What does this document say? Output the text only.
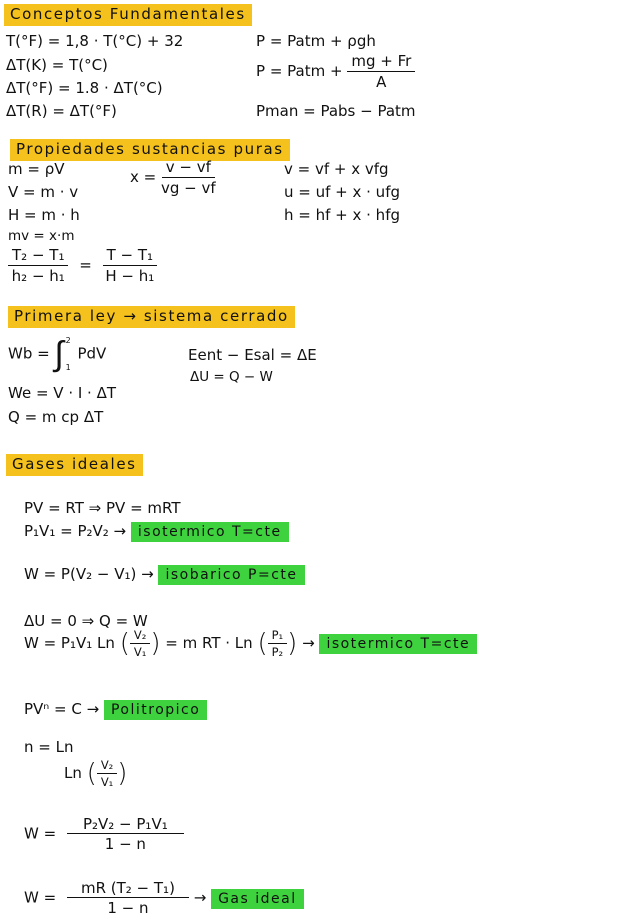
Conceptos Fundamentales
T(°F) = 1,8 · T(°C) + 32
ΔT(K) = T(°C)
ΔT(°F) = 1.8 · ΔT(°C)
ΔT(R) = ΔT(°F)
P = Patm + ρgh
P = Patm + $\frac{mg + Fr}{A}$
Pman = Pabs − Patm
Propiedades sustancias puras
m = ρV
V = m · v
H = m · h
mv = x·m
$x = \frac{v - vf}{vg - vf}$	v = vf + x vfg
u = uf + x · ufg
h = hf + x · hfg
$\frac{\text{T₂ − T₁}}{\text{h₂ − h₁}} = \frac{\text{T − T₁}}{\text{H − h₁}}$
Primera ley → sistema cerrado
Wb = ∫ 2
1
PdV
We = V · I · ΔT
Q = m cp ΔT
Eent − Esal = ΔE
ΔU = Q − W
Gases ideales
PV = RT ⇒ PV = mRT
P₁V₁ = P₂V₂ → isotermico T=cte
W = P(V₂ − V₁) → isobarico P=cte
ΔU = 0 ⇒ Q = W
W = P₁V₁ Ln ( $\frac{\text{V₂}}{\text{V₁}}$ ) = m RT · Ln ( $\frac{\text{P₁}}{\text{P₂}}$ ) → isotermico T=cte
PVⁿ = C → Politropico
n = Ln
Ln ( $\frac{\text{V₂}}{\text{V₁}}$ )
$W = \frac{\text{P₂V₂ − P₁V₁}}{1 - n}$
$W = \frac{\text{mR (T₂ − T₁)}}{1 - n}$ → Gas ideal
